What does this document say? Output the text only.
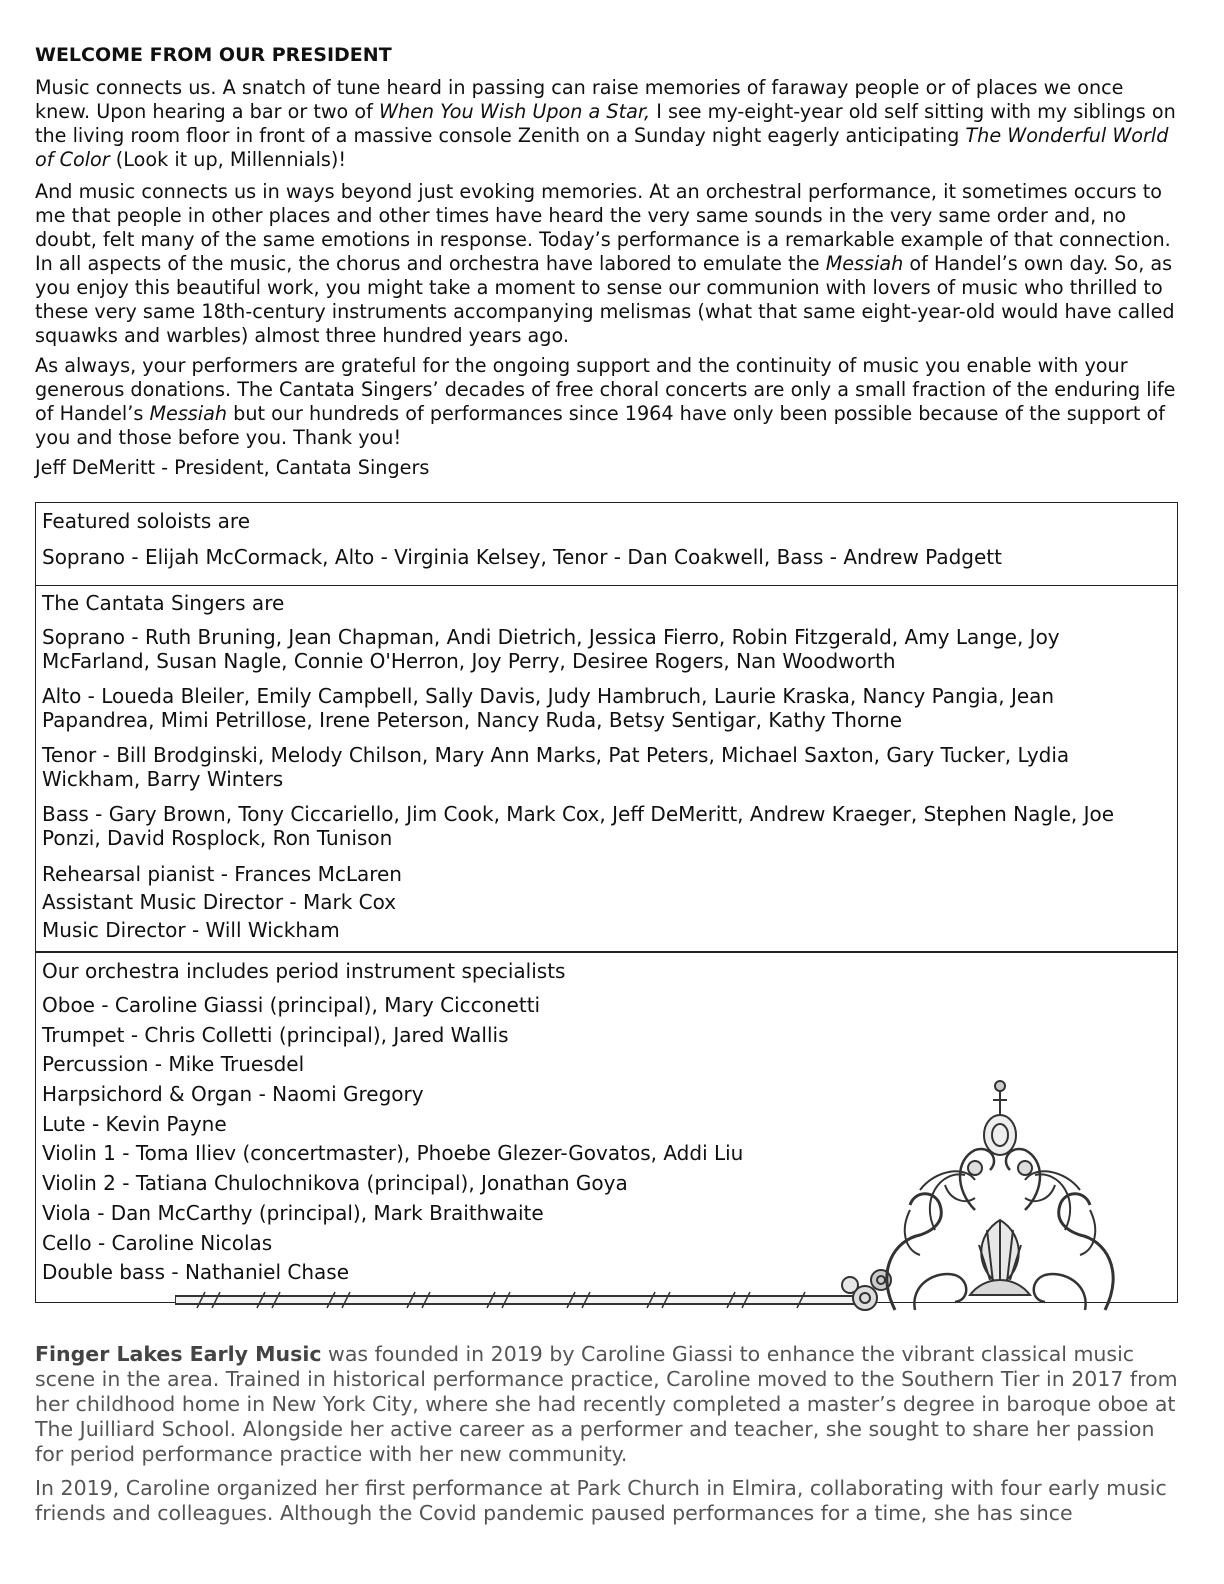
WELCOME FROM OUR PRESIDENT

Music connects us. A snatch of tune heard in passing can raise memories of faraway people or of places we once knew. Upon hearing a bar or two of When You Wish Upon a Star, I see my-eight-year old self sitting with my siblings on the living room floor in front of a massive console Zenith on a Sunday night eagerly anticipating The Wonderful World of Color (Look it up, Millennials)!

And music connects us in ways beyond just evoking memories. At an orchestral performance, it sometimes occurs to me that people in other places and other times have heard the very same sounds in the very same order and, no doubt, felt many of the same emotions in response. Today’s performance is a remarkable example of that connection. In all aspects of the music, the chorus and orchestra have labored to emulate the Messiah of Handel’s own day. So, as you enjoy this beautiful work, you might take a moment to sense our communion with lovers of music who thrilled to these very same 18th-century instruments accompanying melismas (what that same eight-year-old would have called squawks and warbles) almost three hundred years ago.

As always, your performers are grateful for the ongoing support and the continuity of music you enable with your generous donations. The Cantata Singers’ decades of free choral concerts are only a small fraction of the enduring life of Handel’s Messiah but our hundreds of performances since 1964 have only been possible because of the support of you and those before you. Thank you!

Jeff DeMeritt - President, Cantata Singers
Featured soloists are
Soprano - Elijah McCormack, Alto - Virginia Kelsey, Tenor - Dan Coakwell, Bass - Andrew Padgett
The Cantata Singers are
Soprano - Ruth Bruning, Jean Chapman, Andi Dietrich, Jessica Fierro, Robin Fitzgerald, Amy Lange, Joy McFarland, Susan Nagle, Connie O'Herron, Joy Perry, Desiree Rogers, Nan Woodworth
Alto - Loueda Bleiler, Emily Campbell, Sally Davis, Judy Hambruch, Laurie Kraska, Nancy Pangia, Jean Papandrea, Mimi Petrillose, Irene Peterson, Nancy Ruda, Betsy Sentigar, Kathy Thorne
Tenor - Bill Brodginski, Melody Chilson, Mary Ann Marks, Pat Peters, Michael Saxton, Gary Tucker, Lydia Wickham, Barry Winters
Bass - Gary Brown, Tony Ciccariello, Jim Cook, Mark Cox, Jeff DeMeritt, Andrew Kraeger, Stephen Nagle, Joe Ponzi, David Rosplock, Ron Tunison
Rehearsal pianist - Frances McLaren
Assistant Music Director - Mark Cox
Music Director - Will Wickham
Our orchestra includes period instrument specialists
Oboe - Caroline Giassi (principal), Mary Cicconetti
Trumpet - Chris Colletti (principal), Jared Wallis
Percussion - Mike Truesdel
Harpsichord & Organ - Naomi Gregory
Lute - Kevin Payne
Violin 1 - Toma Iliev (concertmaster), Phoebe Glezer-Govatos, Addi Liu
Violin 2 - Tatiana Chulochnikova (principal), Jonathan Goya
Viola - Dan McCarthy (principal), Mark Braithwaite
Cello - Caroline Nicolas
Double bass - Nathaniel Chase

Finger Lakes Early Music was founded in 2019 by Caroline Giassi to enhance the vibrant classical music scene in the area. Trained in historical performance practice, Caroline moved to the Southern Tier in 2017 from her childhood home in New York City, where she had recently completed a master’s degree in baroque oboe at The Juilliard School. Alongside her active career as a performer and teacher, she sought to share her passion for period performance practice with her new community.

In 2019, Caroline organized her first performance at Park Church in Elmira, collaborating with four early music friends and colleagues. Although the Covid pandemic paused performances for a time, she has since
